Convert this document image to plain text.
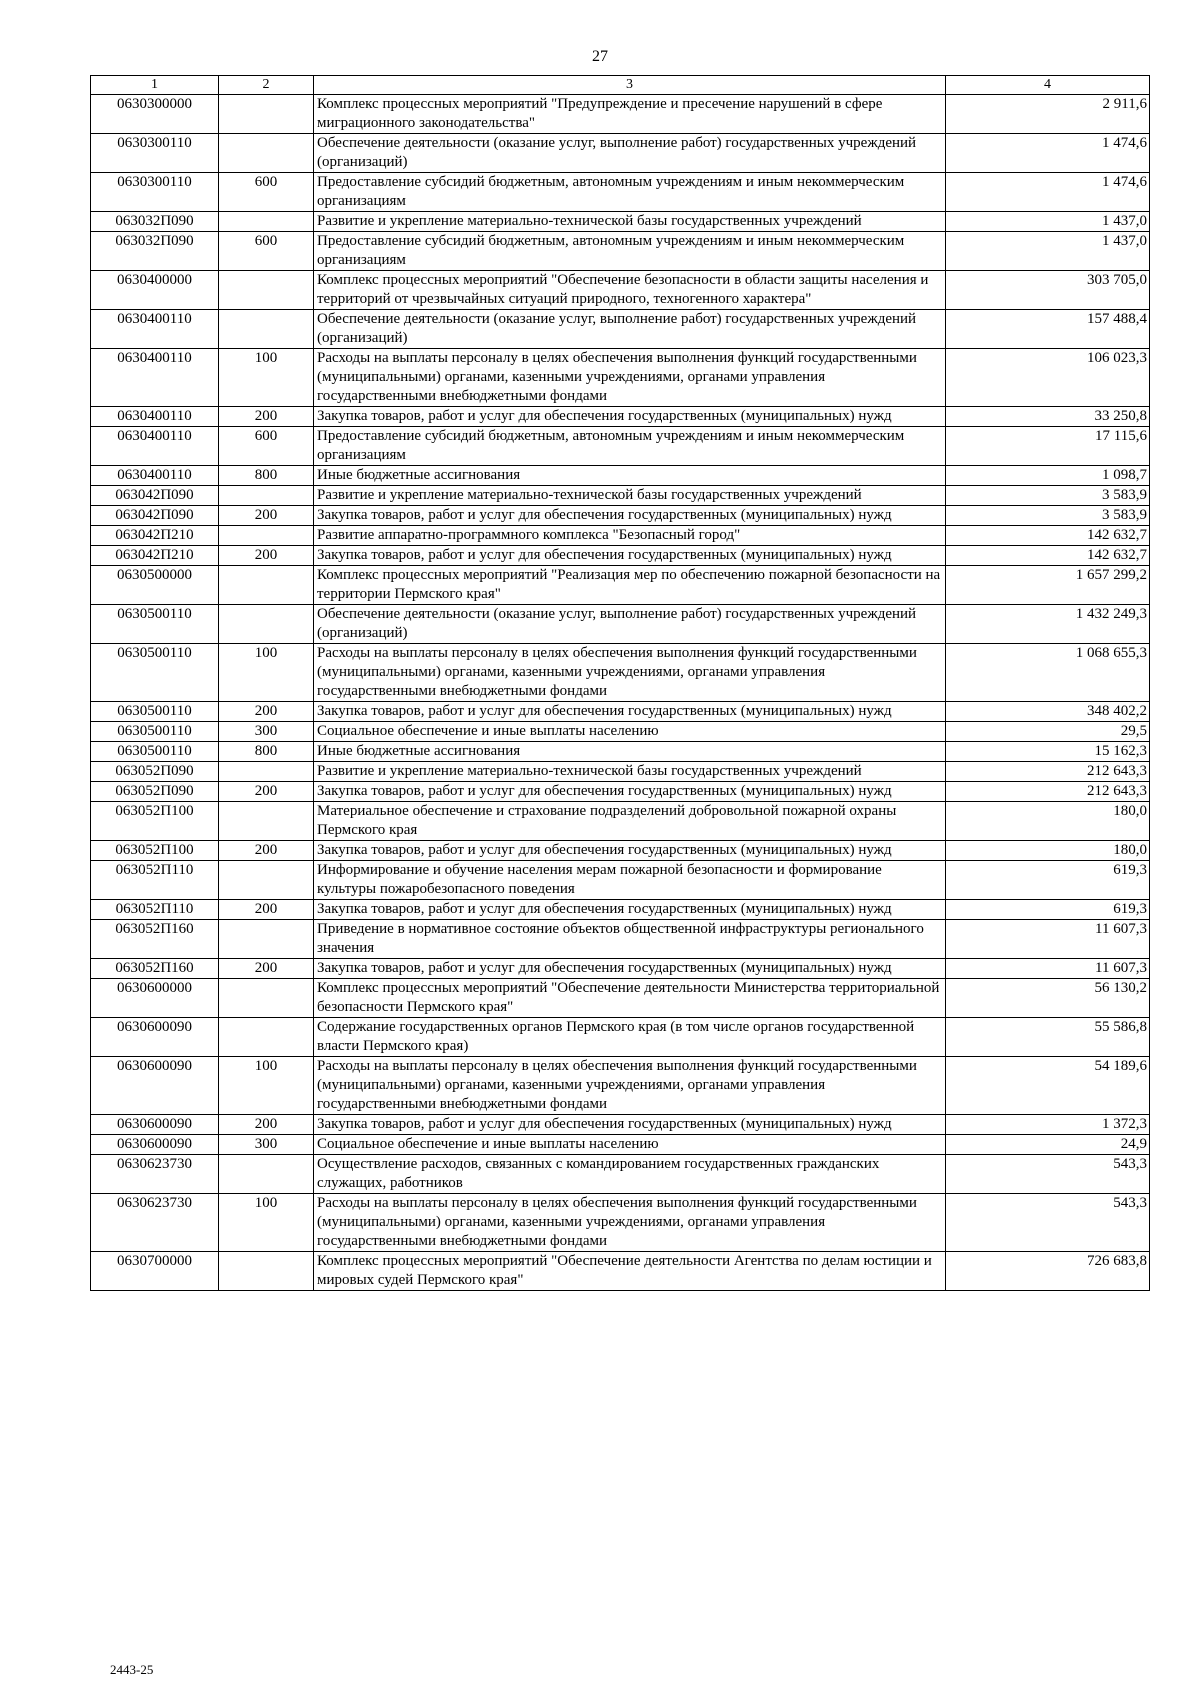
27
1	2	3	4
0630300000		Комплекс процессных мероприятий "Предупреждение и пресечение нарушений в сфере миграционного законодательства"	2 911,6
0630300110		Обеспечение деятельности (оказание услуг, выполнение работ) государственных учреждений (организаций)	1 474,6
0630300110	600	Предоставление субсидий бюджетным, автономным учреждениям и иным некоммерческим организациям	1 474,6
063032П090		Развитие и укрепление материально-технической базы государственных учреждений	1 437,0
063032П090	600	Предоставление субсидий бюджетным, автономным учреждениям и иным некоммерческим организациям	1 437,0
0630400000		Комплекс процессных мероприятий "Обеспечение безопасности в области защиты населения и территорий от чрезвычайных ситуаций природного, техногенного характера"	303 705,0
0630400110		Обеспечение деятельности (оказание услуг, выполнение работ) государственных учреждений (организаций)	157 488,4
0630400110	100	Расходы на выплаты персоналу в целях обеспечения выполнения функций государственными (муниципальными) органами, казенными учреждениями, органами управления государственными внебюджетными фондами	106 023,3
0630400110	200	Закупка товаров, работ и услуг для обеспечения государственных (муниципальных) нужд	33 250,8
0630400110	600	Предоставление субсидий бюджетным, автономным учреждениям и иным некоммерческим организациям	17 115,6
0630400110	800	Иные бюджетные ассигнования	1 098,7
063042П090		Развитие и укрепление материально-технической базы государственных учреждений	3 583,9
063042П090	200	Закупка товаров, работ и услуг для обеспечения государственных (муниципальных) нужд	3 583,9
063042П210		Развитие аппаратно-программного комплекса "Безопасный город"	142 632,7
063042П210	200	Закупка товаров, работ и услуг для обеспечения государственных (муниципальных) нужд	142 632,7
0630500000		Комплекс процессных мероприятий "Реализация мер по обеспечению пожарной безопасности на территории Пермского края"	1 657 299,2
0630500110		Обеспечение деятельности (оказание услуг, выполнение работ) государственных учреждений (организаций)	1 432 249,3
0630500110	100	Расходы на выплаты персоналу в целях обеспечения выполнения функций государственными (муниципальными) органами, казенными учреждениями, органами управления государственными внебюджетными фондами	1 068 655,3
0630500110	200	Закупка товаров, работ и услуг для обеспечения государственных (муниципальных) нужд	348 402,2
0630500110	300	Социальное обеспечение и иные выплаты населению	29,5
0630500110	800	Иные бюджетные ассигнования	15 162,3
063052П090		Развитие и укрепление материально-технической базы государственных учреждений	212 643,3
063052П090	200	Закупка товаров, работ и услуг для обеспечения государственных (муниципальных) нужд	212 643,3
063052П100		Материальное обеспечение и страхование подразделений добровольной пожарной охраны Пермского края	180,0
063052П100	200	Закупка товаров, работ и услуг для обеспечения государственных (муниципальных) нужд	180,0
063052П110		Информирование и обучение населения мерам пожарной безопасности и формирование культуры пожаробезопасного поведения	619,3
063052П110	200	Закупка товаров, работ и услуг для обеспечения государственных (муниципальных) нужд	619,3
063052П160		Приведение в нормативное состояние объектов общественной инфраструктуры регионального значения	11 607,3
063052П160	200	Закупка товаров, работ и услуг для обеспечения государственных (муниципальных) нужд	11 607,3
0630600000		Комплекс процессных мероприятий "Обеспечение деятельности Министерства территориальной безопасности Пермского края"	56 130,2
0630600090		Содержание государственных органов Пермского края (в том числе органов государственной власти Пермского края)	55 586,8
0630600090	100	Расходы на выплаты персоналу в целях обеспечения выполнения функций государственными (муниципальными) органами, казенными учреждениями, органами управления государственными внебюджетными фондами	54 189,6
0630600090	200	Закупка товаров, работ и услуг для обеспечения государственных (муниципальных) нужд	1 372,3
0630600090	300	Социальное обеспечение и иные выплаты населению	24,9
0630623730		Осуществление расходов, связанных с командированием государственных гражданских служащих, работников	543,3
0630623730	100	Расходы на выплаты персоналу в целях обеспечения выполнения функций государственными (муниципальными) органами, казенными учреждениями, органами управления государственными внебюджетными фондами	543,3
0630700000		Комплекс процессных мероприятий "Обеспечение деятельности Агентства по делам юстиции и мировых судей Пермского края"	726 683,8
2443-25
